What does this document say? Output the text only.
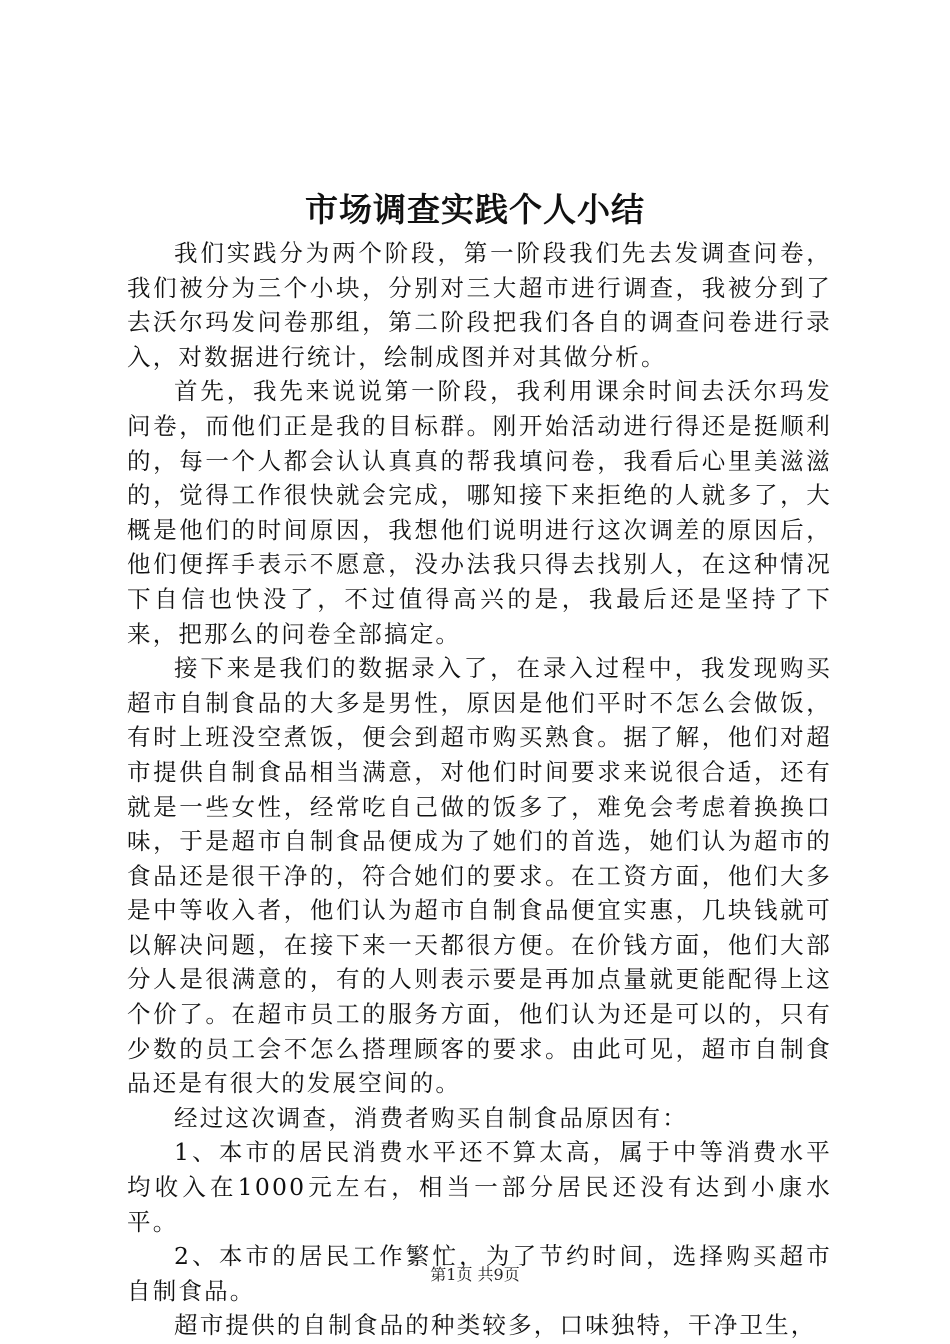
市场调查实践个人小结

我们实践分为两个阶段，第一阶段我们先去发调查问卷，我们被分为三个小块，分别对三大超市进行调查，我被分到了去沃尔玛发问卷那组，第二阶段把我们各自的调查问卷进行录入，对数据进行统计，绘制成图并对其做分析。

首先，我先来说说第一阶段，我利用课余时间去沃尔玛发问卷，而他们正是我的目标群。刚开始活动进行得还是挺顺利的，每一个人都会认认真真的帮我填问卷，我看后心里美滋滋的，觉得工作很快就会完成，哪知接下来拒绝的人就多了，大概是他们的时间原因，我想他们说明进行这次调差的原因后，他们便挥手表示不愿意，没办法我只得去找别人，在这种情况下自信也快没了，不过值得高兴的是，我最后还是坚持了下来，把那么的问卷全部搞定。

接下来是我们的数据录入了，在录入过程中，我发现购买超市自制食品的大多是男性，原因是他们平时不怎么会做饭，有时上班没空煮饭，便会到超市购买熟食。据了解，他们对超市提供自制食品相当满意，对他们时间要求来说很合适，还有就是一些女性，经常吃自己做的饭多了，难免会考虑着换换口味，于是超市自制食品便成为了她们的首选，她们认为超市的食品还是很干净的，符合她们的要求。在工资方面，他们大多是中等收入者，他们认为超市自制食品便宜实惠，几块钱就可以解决问题，在接下来一天都很方便。在价钱方面，他们大部分人是很满意的，有的人则表示要是再加点量就更能配得上这个价了。在超市员工的服务方面，他们认为还是可以的，只有少数的员工会不怎么搭理顾客的要求。由此可见，超市自制食品还是有很大的发展空间的。

经过这次调查，消费者购买自制食品原因有：

1、本市的居民消费水平还不算太高，属于中等消费水平均收入在1000元左右，相当一部分居民还没有达到小康水平。

2、本市的居民工作繁忙，为了节约时间，选择购买超市自制食品。

超市提供的自制食品的种类较多，口味独特，干净卫生，

第1页 共9页
